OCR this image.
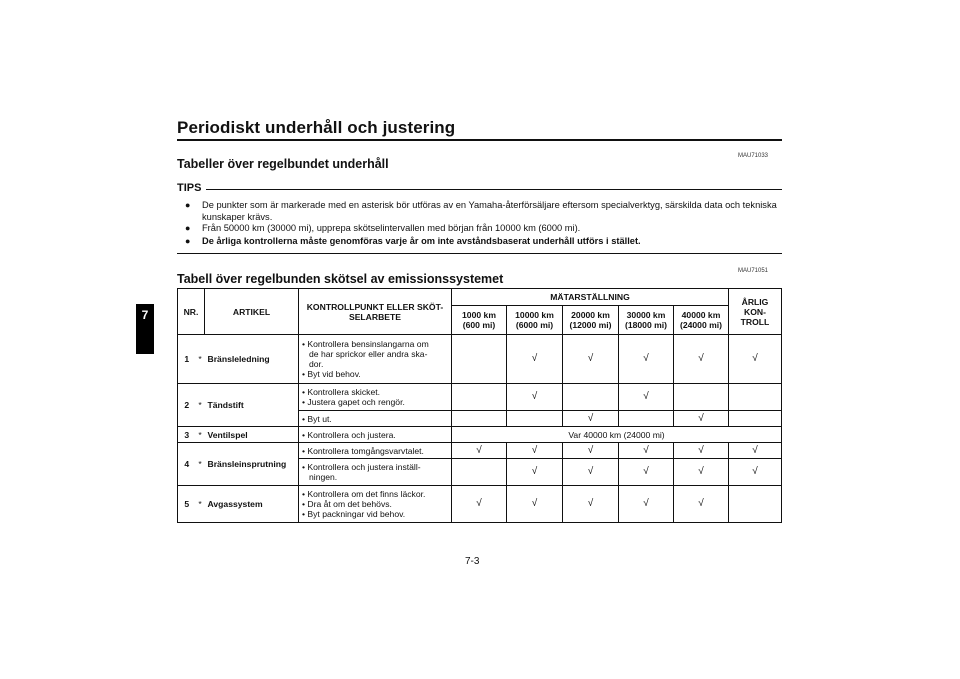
Periodiskt underhåll och justering
MAU71033
7
Tabeller över regelbundet underhåll
TIPS
●	De punkter som är markerade med en asterisk bör utföras av en Yamaha-återförsäljare eftersom specialverktyg, särskilda data och tekniska kunskaper krävs.
●	Från 50000 km (30000 mi), upprepa skötselintervallen med början från 10000 km (6000 mi).
●	De årliga kontrollerna måste genomföras varje år om inte avståndsbaserat underhåll utförs i stället.
MAU71051
Tabell över regelbunden skötsel av emissionssystemet
NR.		ARTIKEL	KONTROLLPUNKT ELLER SKÖT-SELARBETE	MÄTARSTÄLLNING					ÅRLIG KON-TROLL

				1000 km
(600 mi)	10000 km
(6000 mi)	20000 km
(12000 mi)	30000 km
(18000 mi)	40000 km
(24000 mi)	

1	*	Bränsleledning	• Kontrollera bensinslangarna om
de har sprickor eller andra ska-
dor.
• Byt vid behov.		√	√	√	√	√
2	*	Tändstift	• Kontrollera skicket.
• Justera gapet och rengör.		√		√		

			• Byt ut.			√		√	
3	*	Ventilspel	• Kontrollera och justera.	Var 40000 km (24000 mi)					
4	*	Bränsleinsprutning	• Kontrollera tomgångsvarvtalet.	√	√	√	√	√	√

			• Kontrollera och justera inställ-
ningen.		√	√	√	√	√
5	*	Avgassystem	• Kontrollera om det finns läckor.
• Dra åt om det behövs.
• Byt packningar vid behov.	√	√	√	√	√	
7-3
